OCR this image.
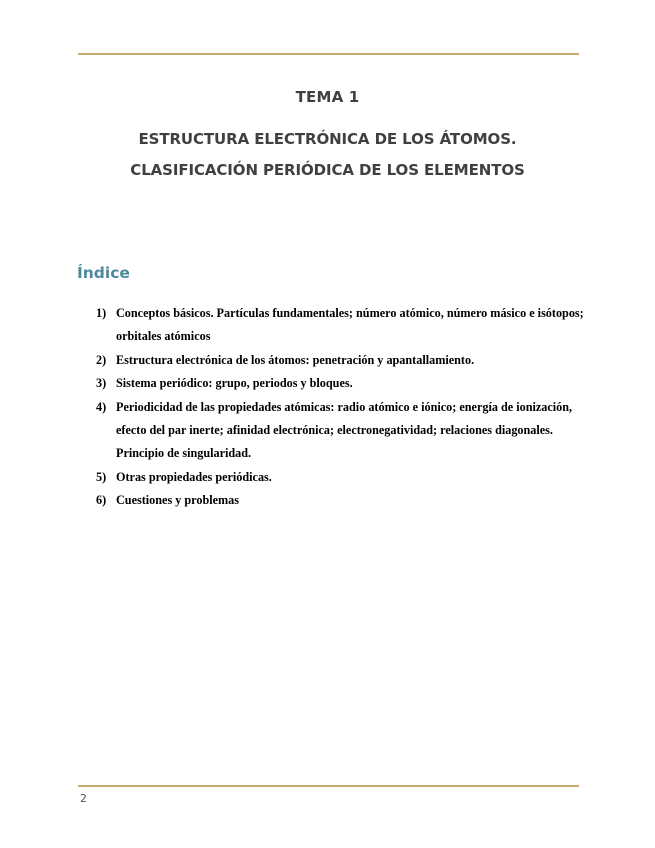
TEMA 1
ESTRUCTURA ELECTRÓNICA DE LOS ÁTOMOS.
CLASIFICACIÓN PERIÓDICA DE LOS ELEMENTOS
Índice
1) Conceptos básicos. Partículas fundamentales; número atómico, número másico e isótopos; orbitales atómicos
2) Estructura electrónica de los átomos: penetración y apantallamiento.
3) Sistema periódico: grupo, periodos y bloques.
4) Periodicidad de las propiedades atómicas: radio atómico e iónico; energía de ionización, efecto del par inerte; afinidad electrónica; electronegatividad; relaciones diagonales. Principio de singularidad.
5) Otras propiedades periódicas.
6) Cuestiones y problemas
2
